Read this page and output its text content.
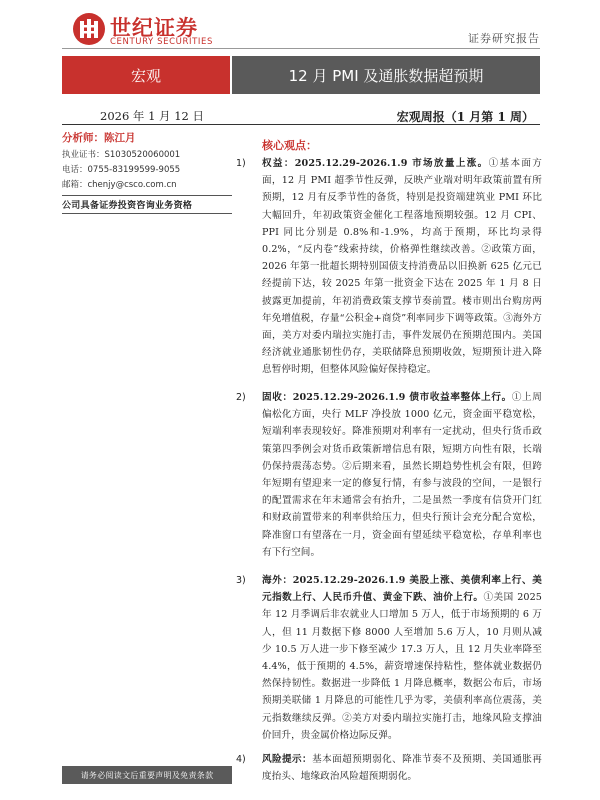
世纪证券
CENTURY SECURITIES	证券研究报告
宏观	12 月 PMI 及通胀数据超预期
2026 年 1 月 12 日	宏观周报（1 月第 1 周）
分析师：陈江月
执业证书：S1030520060001
电话：0755-83199599-9055
邮箱：chenjy@csco.com.cn
公司具备证券投资咨询业务资格
核心观点：
1) 权益：2025.12.29-2026.1.9 市场放量上涨。①基本面方面，12 月 PMI 超季节性反弹，反映产业端对明年政策前置有所预期，12 月有反季节性的备货，特别是投资端建筑业 PMI 环比大幅回升，年初政策资金催化工程落地预期较强。12 月 CPI、PPI 同比分别是 0.8%和-1.9%，均高于预期，环比均录得 0.2%，“反内卷”线索持续，价格弹性继续改善。②政策方面，2026 年第一批超长期特别国债支持消费品以旧换新 625 亿元已经提前下达，较 2025 年第一批资金下达在 2025 年 1 月 8 日披露更加提前，年初消费政策支撑节奏前置。楼市则出台购房两年免增值税，存量“公积金+商贷”利率同步下调等政策。③海外方面，美方对委内瑞拉实施打击，事件发展仍在预期范围内。美国经济就业通胀韧性仍存，美联储降息预期收敛，短期预计进入降息暂停时期，但整体风险偏好保持稳定。
2) 固收：2025.12.29-2026.1.9 债市收益率整体上行。①上周偏松化方面，央行 MLF 净投放 1000 亿元，资金面平稳宽松，短端利率表现较好。降准预期对利率有一定扰动，但央行货币政策第四季例会对货币政策新增信息有限，短期方向性有限，长端仍保持震荡态势。②后期来看，虽然长期趋势性机会有限，但跨年短期有望迎来一定的修复行情，有参与波段的空间，一是银行的配置需求在年末通常会有抬升，二是虽然一季度有信贷开门红和财政前置带来的利率供给压力，但央行预计会充分配合宽松，降准窗口有望落在一月，资金面有望延续平稳宽松，存单利率也有下行空间。
3) 海外：2025.12.29-2026.1.9 美股上涨、美债利率上行、美元指数上行、人民币升值、黄金下跌、油价上行。①美国 2025 年 12 月季调后非农就业人口增加 5 万人，低于市场预期的 6 万人，但 11 月数据下修 8000 人至增加 5.6 万人，10 月则从减少 10.5 万人进一步下修至减少 17.3 万人，且 12 月失业率降至 4.4%，低于预期的 4.5%，薪资增速保持粘性，整体就业数据仍然保持韧性。数据进一步降低 1 月降息概率，数据公布后，市场预期美联储 1 月降息的可能性几乎为零，美债利率高位震荡，美元指数继续反弹。②美方对委内瑞拉实施打击，地缘风险支撑油价回升，贵金属价格边际反弹。
4) 风险提示：基本面超预期弱化、降准节奏不及预期、美国通胀再度抬头、地缘政治风险超预期弱化。
请务必阅读文后重要声明及免责条款
